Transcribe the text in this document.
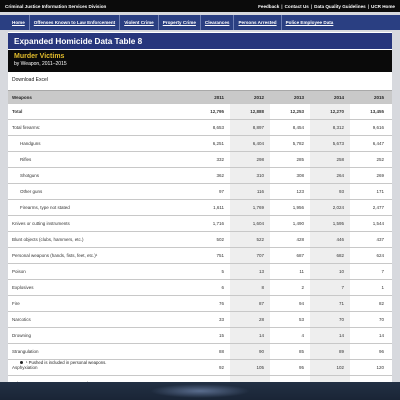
Criminal Justice Information Services Division	Feedback | Contact Us | Data Quality Guidelines | UCR Home
Home	Offenses Known to Law Enforcement	Violent Crime	Property Crime	Clearances	Persons Arrested	Police Employee Data
Expanded Homicide Data Table 8
Murder Victims
by Weapon, 2011–2015
Download Excel
Weapons	2011	2012	2013	2014	2015
Total	12,795	12,888	12,253	12,270	13,455
Total firearms:	8,653	8,897	8,454	8,312	9,616
Handguns	6,251	6,404	5,782	5,673	6,447
Rifles	332	298	285	258	252
Shotguns	362	310	308	264	269
Other guns	97	116	123	93	171
Firearms, type not stated	1,611	1,769	1,956	2,024	2,477
Knives or cutting instruments	1,716	1,604	1,490	1,595	1,544
Blunt objects (clubs, hammers, etc.)	502	522	428	446	437
Personal weapons (hands, fists, feet, etc.)¹	751	707	687	682	624
Poison	5	13	11	10	7
Explosives	6	8	2	7	1
Fire	76	87	94	71	82
Narcotics	33	28	53	70	70
Drowning	15	14	4	14	14
Strangulation	88	90	85	89	96
Asphyxiation	92	105	95	102	120
¹ Pushed is included in personal weapons.
